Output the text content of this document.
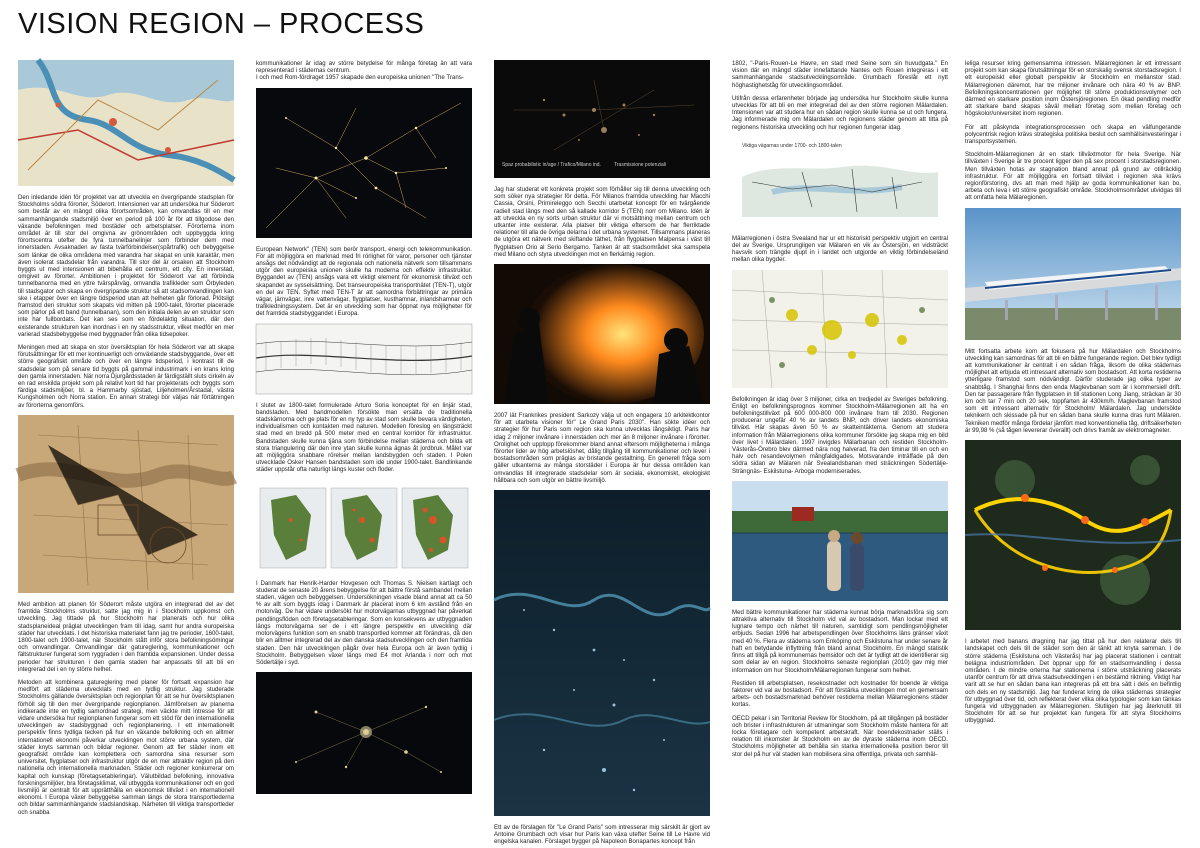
VISION REGION – PROCESS

Den inledande idén för projektet var att utveckla en övergripande stadsplan för Stockholms södra förorter, Söderort. Intensionen var att undersöka hur Söderort som består av en mängd olika förortsområden, kan omvandlas till en mer sammanhängande stadsmiljö över en period på 100 år för att tillgodose den växande befolkningen med bostäder och arbetsplatser. Förorterna inom området är till stor del omgivna av grönområden och uppbyggda kring förortscentra utefter de fyra tunnelbanelinjer som förbinder dem med innerstaden. Avsaknaden av fasta tvärförbindelser(spårtrafik) och bebyggelse som länkar de olika områdena med varandra har skapat en unik karaktär, men även isolerat stadsdelar från varandra. Till stor del är orsaken att Stockholm byggts ut med intensionen att bibehålla ett centrum, ett city. En innerstad, omgivet av förorter. Ambitionen i projektet för Söderort var att förbinda tunnelbanorna med en yttre tvärspårväg, omvandla trafikleder som Örbyleden till stadsgator och skapa en övergripande struktur så att stadsomvandlingen kan ske i etapper över en längre tidsperiod utan att helheten går förlorad. Plötsligt framstod den struktur som skapats vid mitten på 1900-talet, förorter placerade som pärlor på ett band (tunnelbanan), som den initiala delen av en struktur som inte har fullbordats. Det kan ses som en fördelaktig situation, där den existerande strukturen kan inordnas i en ny stadsstruktur, vilket medför en mer varierad stadsbebyggelse med byggnader från olika tidsepoker.

Meningen med att skapa en stor översiktsplan för hela Söderort var att skapa förutsättningar för ett mer kontinuerligt och omväxlande stadsbyggande, över ett större geografiskt område och över en längre tidsperiod, i kontrast till de stadsdelar som på senare tid byggts på gammal industrimark i en krans kring den gamla innerstaden. När norra Djurgårdsstaden är färdigställt sluts cirkeln av en rad enskilda projekt som på relativt kort tid har projekterats och byggts som färdiga stadsmiljöer, bl. a Hammarby sjöstad, Liljeholmen/Årstadal, västra Kungsholmen och Norra station. En annan strategi bör väljas när förtätningen av förorterna genomförs.

Med ambition att planen för Söderort måste utgöra en integrerad del av det framtida Stockholms struktur, satte jag mig in i Stockholm uppkomst och utveckling. Jag tittade på hur Stockholm har planerats och hur olika stadsplaneideal präglat utvecklingen fram till idag, samt hur andra europeiska städer har utvecklats. I det historiska materialet fann jag tre perioder, 1600-talet, 1800-talet och 1900-talet, när Stockholm stått inför stora befolkningsömingar och omvandlingar. Omvandlingar där gatureglering, kommunikationer och fältstrukturer fungerat som ryggraden i den framtida expansionen. Under dessa perioder har strukturen i den gamla staden har anpassats till att bli en integrerad del i en ny större helhet.

Metoden att kombinera gatureglering med planer för fortsatt expansion har medfört att städerna utvecklats med en tydlig struktur. Jag studerade Stockholms gällande översiktsplan och regionplan för att se hur översiktsplanen förhöll sig till den mer övergripande regionplanen. Jämförelsen av planerna indikerade inte en tydlig samordnad strategi, men väckte mitt intresse för att vidare undersöka hur regionplanen fungerar som ett stöd för den internationella utvecklingen av stadsbyggnad och regionplanering. I ett internationellt perspektiv finns tydliga tecken på hur en växande befolkning och en alltmer internationell ekonomi påverkar utvecklingen mot större urbana system, där städer knyts samman och bildar regioner. Genom att fler städer inom ett geografiskt område kan komplettera och samordna sina resurser som universitet, flygplatser och infrastruktur utgör de en mer attraktiv region på den nationella och internationella marknaden. Städer och regioner konkurrerar om kapital och kunskap (företagsetableringar). Välutbildad befolkning, innovativa forskningsmiljöer, bra företagsklimat, väl utbyggda kommunikationer och en god livsmiljö är centralt för att upprätthålla en ekonomisk tillväxt i en internationell ekonomi. I Europa växer bebyggelse samman längs de stora transportlederna och bildar sammanhängande stadslandskap. Närheten till viktiga transportleder och snabba

kommunikationer är idag av större betydelse för många företag än att vara representerad i städernas centrum.

I och med Rom-fördraget 1957 skapade den europeiska unionen "The Trans-

European Network" (TEN) som berör transport, energi och telekommunikation. För att möjliggöra en marknad med fri rörlighet för varor, personer och tjänster ansågs det nödvändigt att de regionala och nationella nätverk som tillsammans utgör den europeiska unionen skulle ha moderna och effektiv infrastruktur. Byggandet av (TEN) ansågs vara ett viktigt element för ekonomisk tillväxt och skapandet av sysselsättning. Det transeuropeiska transportnätet (TEN-T), utgör en del av TEN. Syftet med TEN-T är att samordna förbättringar av primära vägar, järnvägar, inre vattenvägar, flygplatser, kusthamnar, inlandshamnar och trafikledningssystem. Det är en utveckling som har öppnat nya möjligheter för det framtida stadsbyggandet i Europa.

I slutet av 1800-talet formulerade Arturo Soria konceptet för en linjär stad, bandstaden. Med bandmodellen försökte man ersätta de traditionella stadskärnorna och ge plats för en ny typ av stad som skulle bevara värdigheten, individualismen och kontakten med naturen. Modellen föreslog en längsträckt stad med en bredd på 500 meter med en central korridor för infrastruktur. Bandstaden skulle kunna tjäna som förbindelse mellan städerna och bilda ett stora triangulering där den inre ytan skulle kunna ägnas åt jordbruk. Målet var att möjliggöra snabbare rörelser mellan landsbygden och staden. I Polen utvecklade Osker Hansen bandstaden som idé under 1900-talet. Bandlinkande städer uppstår ofta naturligt längs kuster och floder.

I Danmark har Henrik-Harder Hovgesen och Thomas S. Nielsen kartlagt och studerat de senaste 20 årens bebyggelse för att bättre förstå sambandet mellan staden, vägen och bebyggelsen. Undersökningen visade bland annat att ca 50 % av allt som byggts idag i Danmark är placerat inom 6 km avstånd från en motorväg. De har vidare undersökt hur motorvägarnas utbyggnad har påverkat pendlingsflöden och företagsetableringar. Som en konsekvens av utbyggnaden längs motorvägarna ser de i ett längre perspektiv en utveckling där motorvägens funktion som en snabb transportled kommer att förändras, då den blir en alltmer integrerad del av den danska stadsutvecklingen och den framtida staden. Den här utvecklingen pågår över hela Europa och är även tydlig i Stockholm. Bebyggelsen växer längs med E4 mot Arlanda i norr och mot Södertälje i syd.

Spaz probabilistic in/age / Trafico/Milano ind.	Trasmissione potenziali

Jag har studerat ett konkreta projekt som förhåller sig till denna utveckling och som söker nya strategier för detta. För Milanos framtida utveckling har Macchi Cassia, Orsini, Primireleggo och Secchi utarbetat koncept för en tvärgående radiell stad längs med den så kallade korridor 5 (TEN) norr om Milano. Idén är att utveckla en ny sorts urban struktur där vi motsättning mellan centrum och utkanter inte existerar. Alla platser blir viktiga eftersom de har flerriktade relationer till alla de övriga delarna i det urbana systemet. Tillsammans planeras de utgöra ett nätverk med skiftande täthet, från flygplatsen Malpensa i väst till flygplatsen Orio al Serio Bergamo. Tanken är att stadsområdet ska samspela med Milano och styra utvecklingen mot en flerkärnig region.

2007 lät Frankrikes president Sarkozy välja ut och engagera 10 arkitektkontor för att utarbeta visioner för" Le Grand Paris 2030". Han sökte idéer och strategier för hur Paris som region ska kunna utvecklas långsiktigt. Paris har idag 2 miljoner invånare i innerstaden och mer än 8 miljoner invånare i förorter. Orolighet och upplopp förekommer bland annat eftersom möjligheterna i många förorter lider av hög arbetslöshet, dålig tillgång till kommunikationer och lever i bostadsområden som präglas av bristande gestaltning. En generell fråga som gäller utkanterna av många storstäder i Europa är hur dessa områden kan omvandlas till integrerade stadsdelar som är sociala, ekonomiskt, ekologiskt hållbara och som utgör en bättre livsmiljö.

Ett av de förslagen för "Le Grand Paris" som intresserar mig särskilt är gjort av Antoine Grumbach och visar hur Paris kan växa utefter Seine till Le Havre vid engelska kanalen. Förslaget bygger på Napoleon Bonapartes koncept från

1802, "-Paris-Rouen-Le Havre, en stad med Seine som sin huvudgata." En vision där en mängd städer innefattande Nantes och Rouen integreras i ett sammanhängande stadsutvecklingsområde. Grumbach föreslår ett nytt höghastighetståg för utvecklingsområdet.

Utifrån dessa erfarenheter började jag undersöka hur Stockholm skulle kunna utvecklas för att bli en mer integrerad del av den större regionen Mälardalen. Intensionen var att studera hur en sådan region skulle kunna se ut och fungera. Jag informerade mig om Mälardalen och regionens städer genom att titta på regionens historiska utveckling och hur regionen fungerar idag.

Viktiga vägarnas under 1700- och 1800-talen

Mälarregionen i östra Svealand har ur ett historiskt perspektiv utgjort en central del av Sverige. Ursprungligen var Mälaren en vik av Östersjön, en vidsträckt havsvik som trängde djupt in i landet och utgjorde en viktig förbindelseländ mellan olika bygder.

Befolkningen är idag över 3 miljoner, cirka en tredjedel av Sveriges befolkning. Enligt en befolkningsprognos kommer Stockholm-Mälarregionen att ha en befolkningstillväxt på 600 000-800 000 invånare fram till 2030. Regionen producerar ungefär 40 % av landets BNP, och driver landets ekonomiska tillväxt. Här skapas även 50 % av skatteintäkterna. Genom att studera information från Mälarregionens olika kommuner försökte jag skapa mig en bild över livet i Mälardalen. 1997 invigdes Mälarbanan och restiden Stockholm- Västerås-Örebro blev därmed nära nog halverad, fra den timinar till en och en halv och resandevolymen mångfaldigades. Motsvarande inträffade på den södra sidan av Mälaren när Svealandsbanan med sträckningen Södertälje-Strängnäs- Eskilstuna- Arboga moderniserades.

Med bättre kommunikationer har städerna kunnat börja marknadsföra sig som attraktiva alternativ till Stockholm vid val av bostadsort. Man lockar med ett lugnare tempo och närhet till naturen, samtidigt som pendlingsmöjligheter erbjuds. Sedan 1996 har arbetspendlingen över Stockholms läns gränser växit med 40 %. Flera av städerna som Enköping och Eskilstuna har under senare år haft en betydande inflyttning från bland annat Stockholm. En mängd statistik finns att tillgå på kommunernas hemsidor och det är tydligt att de identifierar sig som delar av en region. Stockholms senaste regionplan (2010) gav mig mer information om hur Stockholm/Mälarregionen fungerar som helhet.

Restiden till arbetsplatsen, resekostnader och kostnader för boende är viktiga faktorer vid val av bostadsort. För att förstärka utvecklingen mot en gemensam arbets- och bostadsmarknad behöver restiderna mellan Mälarregionens städer kortas.

OECD pekar i sin Territorial Review för Stockholm, på att tillgången på bostäder och brister i infrastrukturen är utmaningar som Stockholm måste hantera för att locka företagare och kompetent arbetskraft. När boendekostnader ställs i relation till inkomster är Stockholm en av de dyraste städerna inom OECD. Stockholms möjligheter att behålla sin starka internationella position beror till stor del på hur väl staden kan mobilisera sina offentliga, privata och samhäl-

leliga resurser kring gemensamma intressen. Mälarregionen är ett intressant projekt som kan skapa förutsättningar för en storskalig svensk storstadsregion. I ett europeiskt eller globalt perspektiv är Stockholm en mellanstor stad. Mälarregionen däremot, har tre miljoner invånare och nära 40 % av BNP. Befolkningskoncentrationen ger möjlighet till större produktionsvolymer och därmed en starkare position inom Östersjöregionen. En ökad pendling medför att starkare band skapas såväl mellan företag som mellan företag och högskolor/universitet inom regionen.

För att påskynda integrationsprocessen och skapa en välfungerande polycentrisk region krävs strategiska politiska beslut och samhällsinvesteringar i transportsystemen.

Stockholm-Mälarregionen är en stark tillväxtmotor för hela Sverige. När tillväxten i Sverige är tre procent ligger den på sex procent i storstadsregionen. Men tillväxten hotas av stagnation bland annat på grund av otillräcklig infrastruktur. För att möjliggöra en fortsatt tillväxt i regionen ska krävs regionförstoring, dvs att man med hjälp av goda kommunikationer kan bo, arbeta och leva i ett större geografiskt område. Stockholmsområdet utvidgas till att omfatta hela Mälaregionen.

Mitt fortsatta arbete kom att fokusera på hur Mälardalen och Stockholms utveckling kan samordnas för att bli en bättre fungerande region. Det blev tydligt att kommunikationer är centralt i en sådan fråga, liksom de olika städernas möjlighet att erbjuda ett intressant alternativ som bostadsort. Att korta restiderna ytterligare framstod som nödvändigt. Därför studerade jag olika typer av snabbtåg. I Shanghai finns den enda Maglevbanan som är i kommersiell drift. Den tar passagerare från flygplatsen in till stationen Long Jiang, sträckan är 30 km och tar 7 min och 20 sek, toppfarten är 430km/h. Maglevbanan framstod som ett intressant alternativ för Stockholm/ Mälardalen. Jag undersökte teknikern och skissade på hur en sådan bana skulle kunna dras runt Mälaren. Tekniken medför många fördelar jämfört med konventionella tåg, driftsäkerheten är 99,98 % (så tågen levererar överallt) och drivs framåt av elektromagneter.

I arbetet med banans dragning har jag tittat på hur den relaterar dels till landskapet och dels till de städer som den är tänkt att knyta samman. I de större städerna (Eskilstuna och Västerås) har jag placerat stationen i centralt belägna industriområden. Det öppnar upp för en stadsomvandling i dessa områden. I de mindre orterna har stationerna i större utsträckning placerats utanför centrum för att driva stadsutvecklingen i en bestämd riktning. Viktigt har varit att se hur en sådan bana kan integreras på ett bra sätt i dels en befintlig och dels en ny stadsmiljö. Jag har funderat kring de olika städernas strategier för utbyggnad över tid, och reflekterat över vilka olika typologier som kan tänkas fungera vid utbyggnaden av Mälarregionen. Slutligen har jag återknutit till Stockholm för att se hur projektet kan fungera för att styra Stockholms utbyggnad.
